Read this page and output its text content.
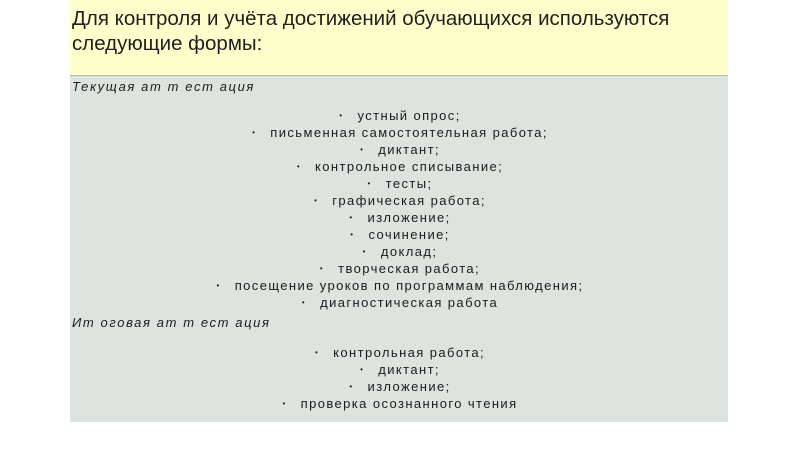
Для контроля и учёта достижений обучающихся используются следующие формы:

Текущая ат т ест ация
• устный опрос;
• письменная самостоятельная работа;
• диктант;
• контрольное списывание;
• тесты;
• графическая работа;
• изложение;
• сочинение;
• доклад;
• творческая работа;
• посещение уроков по программам наблюдения;
• диагностическая работа
Ит оговая ат т ест ация
• контрольная работа;
• диктант;
• изложение;
• проверка осознанного чтения
